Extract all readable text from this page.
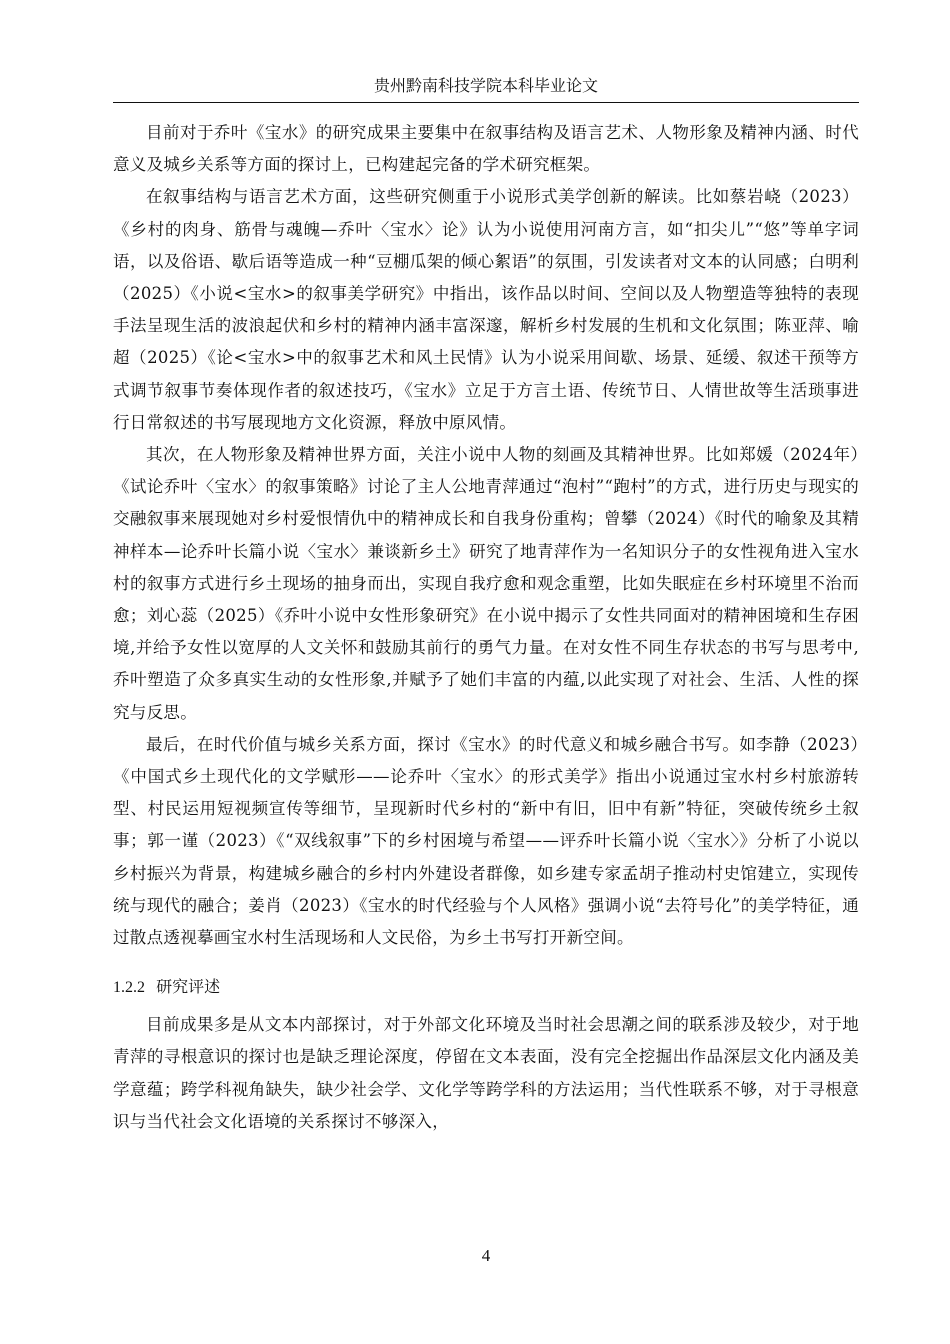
贵州黔南科技学院本科毕业论文

目前对于乔叶《宝水》的研究成果主要集中在叙事结构及语言艺术、人物形象及精神内涵、时代意义及城乡关系等方面的探讨上，已构建起完备的学术研究框架。

在叙事结构与语言艺术方面，这些研究侧重于小说形式美学创新的解读。比如蔡岩峣（2023）《乡村的肉身、筋骨与魂魄—乔叶〈宝水〉论》认为小说使用河南方言，如“扣尖儿”“悠”等单字词语，以及俗语、歇后语等造成一种“豆棚瓜架的倾心絮语”的氛围，引发读者对文本的认同感；白明利（2025）《小说<宝水>的叙事美学研究》中指出，该作品以时间、空间以及人物塑造等独特的表现手法呈现生活的波浪起伏和乡村的精神内涵丰富深邃，解析乡村发展的生机和文化氛围；陈亚萍、喻超（2025）《论<宝水>中的叙事艺术和风土民情》认为小说采用间歇、场景、延缓、叙述干预等方式调节叙事节奏体现作者的叙述技巧，《宝水》立足于方言土语、传统节日、人情世故等生活琐事进行日常叙述的书写展现地方文化资源，释放中原风情。

其次，在人物形象及精神世界方面，关注小说中人物的刻画及其精神世界。比如郑媛（2024年）《试论乔叶〈宝水〉的叙事策略》讨论了主人公地青萍通过“泡村”“跑村”的方式，进行历史与现实的交融叙事来展现她对乡村爱恨情仇中的精神成长和自我身份重构；曾攀（2024）《时代的喻象及其精神样本—论乔叶长篇小说〈宝水〉兼谈新乡土》研究了地青萍作为一名知识分子的女性视角进入宝水村的叙事方式进行乡土现场的抽身而出，实现自我疗愈和观念重塑，比如失眠症在乡村环境里不治而愈；刘心蕊（2025）《乔叶小说中女性形象研究》在小说中揭示了女性共同面对的精神困境和生存困境,并给予女性以宽厚的人文关怀和鼓励其前行的勇气力量。在对女性不同生存状态的书写与思考中,乔叶塑造了众多真实生动的女性形象,并赋予了她们丰富的内蕴,以此实现了对社会、生活、人性的探究与反思。

最后，在时代价值与城乡关系方面，探讨《宝水》的时代意义和城乡融合书写。如李静（2023）《中国式乡土现代化的文学赋形——论乔叶〈宝水〉的形式美学》指出小说通过宝水村乡村旅游转型、村民运用短视频宣传等细节，呈现新时代乡村的“新中有旧，旧中有新”特征，突破传统乡土叙事；郭一谨（2023）《“双线叙事”下的乡村困境与希望——评乔叶长篇小说〈宝水〉》分析了小说以乡村振兴为背景，构建城乡融合的乡村内外建设者群像，如乡建专家孟胡子推动村史馆建立，实现传统与现代的融合；姜肖（2023）《宝水的时代经验与个人风格》强调小说“去符号化”的美学特征，通过散点透视摹画宝水村生活现场和人文民俗，为乡土书写打开新空间。

1.2.2 研究评述

目前成果多是从文本内部探讨，对于外部文化环境及当时社会思潮之间的联系涉及较少，对于地青萍的寻根意识的探讨也是缺乏理论深度，停留在文本表面，没有完全挖掘出作品深层文化内涵及美学意蕴；跨学科视角缺失，缺少社会学、文化学等跨学科的方法运用；当代性联系不够，对于寻根意识与当代社会文化语境的关系探讨不够深入，

4
